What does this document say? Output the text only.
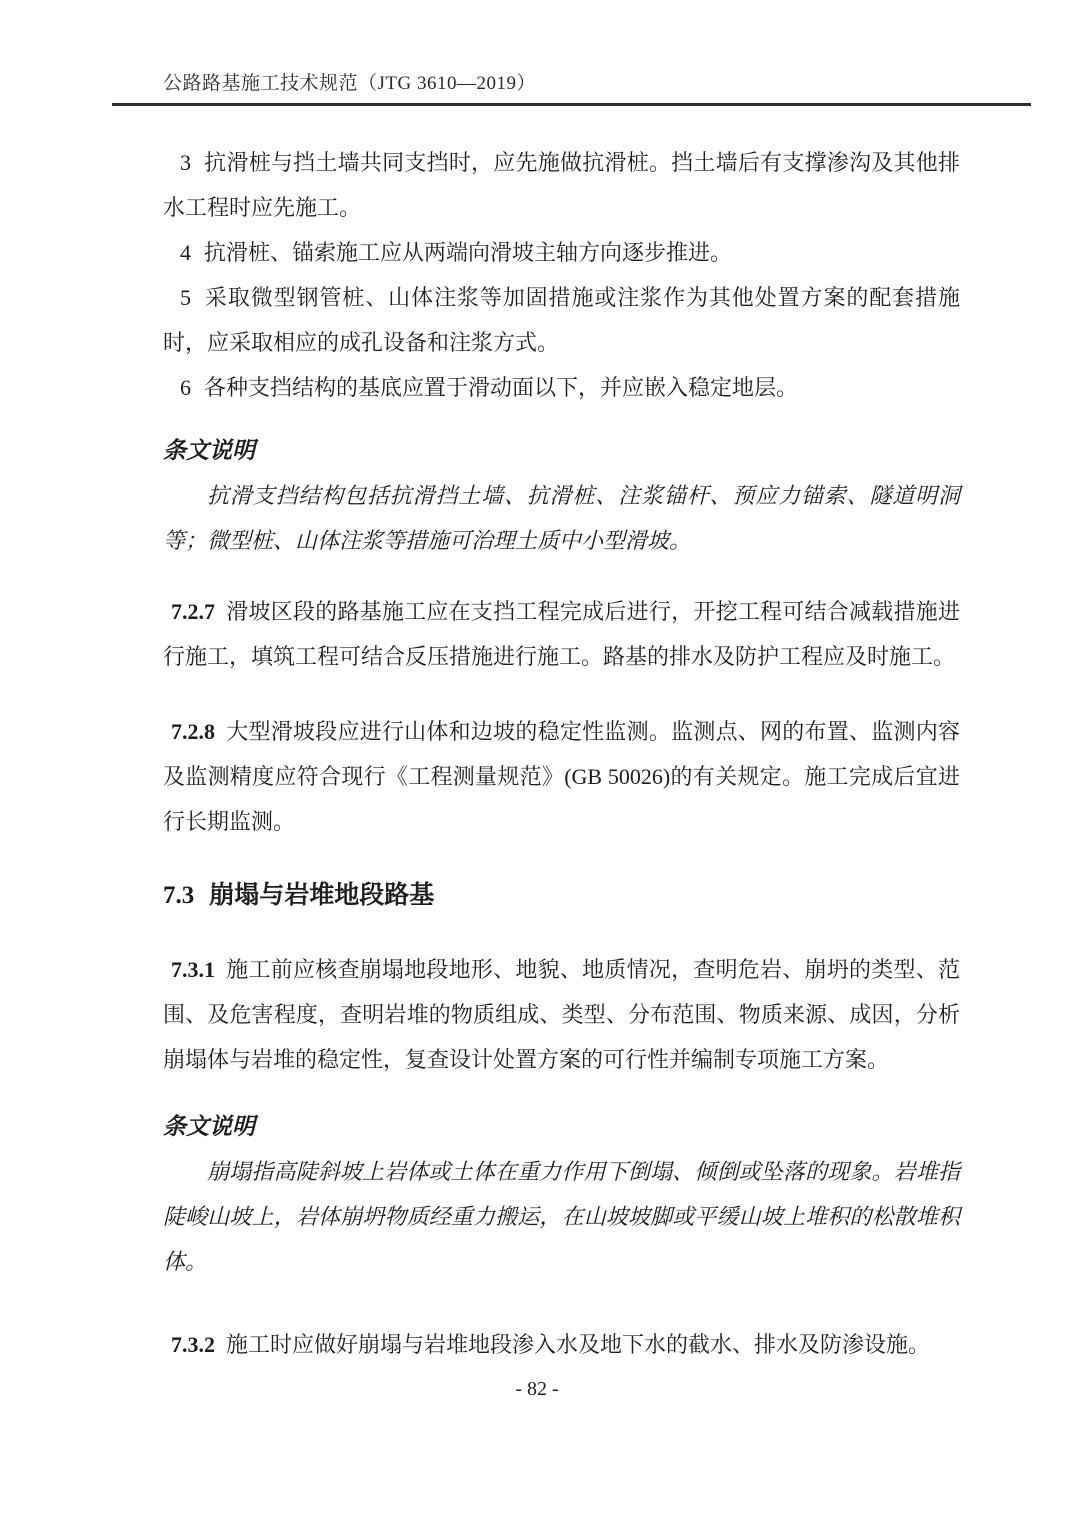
公路路基施工技术规范（JTG 3610—2019）

3 抗滑桩与挡土墙共同支挡时，应先施做抗滑桩。挡土墙后有支撑渗沟及其他排水工程时应先施工。

4 抗滑桩、锚索施工应从两端向滑坡主轴方向逐步推进。

5 采取微型钢管桩、山体注浆等加固措施或注浆作为其他处置方案的配套措施时，应采取相应的成孔设备和注浆方式。

6 各种支挡结构的基底应置于滑动面以下，并应嵌入稳定地层。

条文说明

抗滑支挡结构包括抗滑挡土墙、抗滑桩、注浆锚杆、预应力锚索、隧道明洞等；微型桩、山体注浆等措施可治理土质中小型滑坡。

7.2.7 滑坡区段的路基施工应在支挡工程完成后进行，开挖工程可结合减载措施进行施工，填筑工程可结合反压措施进行施工。路基的排水及防护工程应及时施工。

7.2.8 大型滑坡段应进行山体和边坡的稳定性监测。监测点、网的布置、监测内容及监测精度应符合现行《工程测量规范》(GB 50026)的有关规定。施工完成后宜进行长期监测。

7.3 崩塌与岩堆地段路基

7.3.1 施工前应核查崩塌地段地形、地貌、地质情况，查明危岩、崩坍的类型、范围、及危害程度，查明岩堆的物质组成、类型、分布范围、物质来源、成因，分析崩塌体与岩堆的稳定性，复查设计处置方案的可行性并编制专项施工方案。

条文说明

崩塌指高陡斜坡上岩体或土体在重力作用下倒塌、倾倒或坠落的现象。岩堆指陡峻山坡上，岩体崩坍物质经重力搬运，在山坡坡脚或平缓山坡上堆积的松散堆积体。

7.3.2 施工时应做好崩塌与岩堆地段渗入水及地下水的截水、排水及防渗设施。

- 82 -
